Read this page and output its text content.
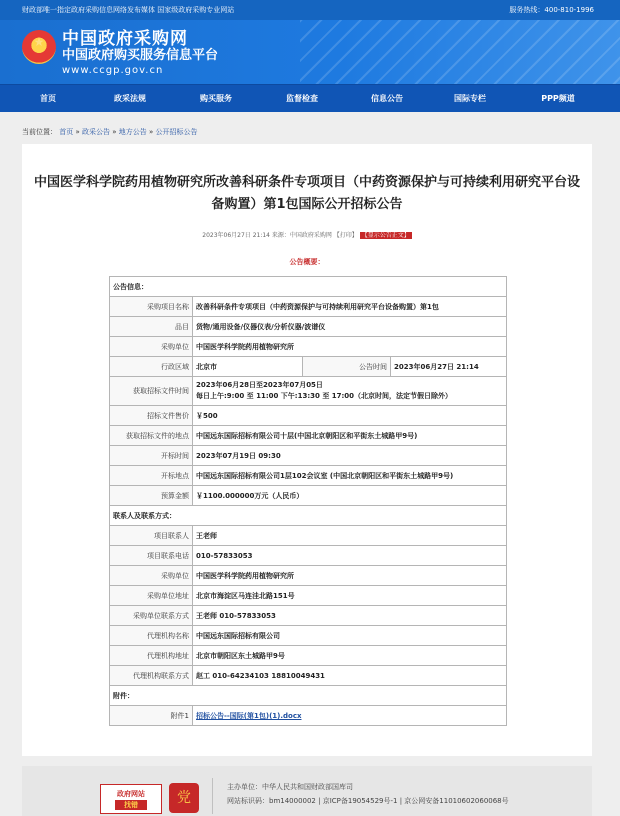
财政部唯一指定政府采购信息网络发布媒体 国家级政府采购专业网站	服务热线：400-810-1996
★	中国政府采购网
中国政府购买服务信息平台
www.ccgp.gov.cn
首页	政采法规	购买服务	监督检查	信息公告	国际专栏	PPP频道
当前位置： 首页 » 政采公告 » 地方公告 » 公开招标公告
中国医学科学院药用植物研究所改善科研条件专项项目（中药资源保护与可持续利用研究平台设备购置）第1包国际公开招标公告
2023年06月27日 21:14 来源：中国政府采购网 【打印】 【显示公告正文】
公告概要：
公告信息：			
采购项目名称	改善科研条件专项项目（中药资源保护与可持续利用研究平台设备购置）第1包		
品目	货物/通用设备/仪器仪表/分析仪器/波谱仪		
采购单位	中国医学科学院药用植物研究所		
行政区域	北京市	公告时间	2023年06月27日 21:14
获取招标文件时间	2023年06月28日至2023年07月05日
每日上午:9:00 至 11:00 下午:13:30 至 17:00（北京时间，法定节假日除外）		

招标文件售价	￥500		
获取招标文件的地点	中国远东国际招标有限公司十层(中国北京朝阳区和平街东土城路甲9号)		
开标时间	2023年07月19日 09:30		
开标地点	中国远东国际招标有限公司1层102会议室 (中国北京朝阳区和平街东土城路甲9号)		
预算金额	￥1100.000000万元（人民币）		
联系人及联系方式：			
项目联系人	王老师		
项目联系电话	010-57833053		
采购单位	中国医学科学院药用植物研究所		
采购单位地址	北京市海淀区马连洼北路151号		
采购单位联系方式	王老师 010-57833053		
代理机构名称	中国远东国际招标有限公司		
代理机构地址	北京市朝阳区东土城路甲9号		
代理机构联系方式	赵工 010-64234103 18810049431		
附件：			
附件1	招标公告--国际(第1包)(1).docx		
政府网站
找错	党
主办单位：中华人民共和国财政部国库司
网站标识码：bm14000002 | 京ICP备19054529号-1 | 京公网安备11010602060068号
